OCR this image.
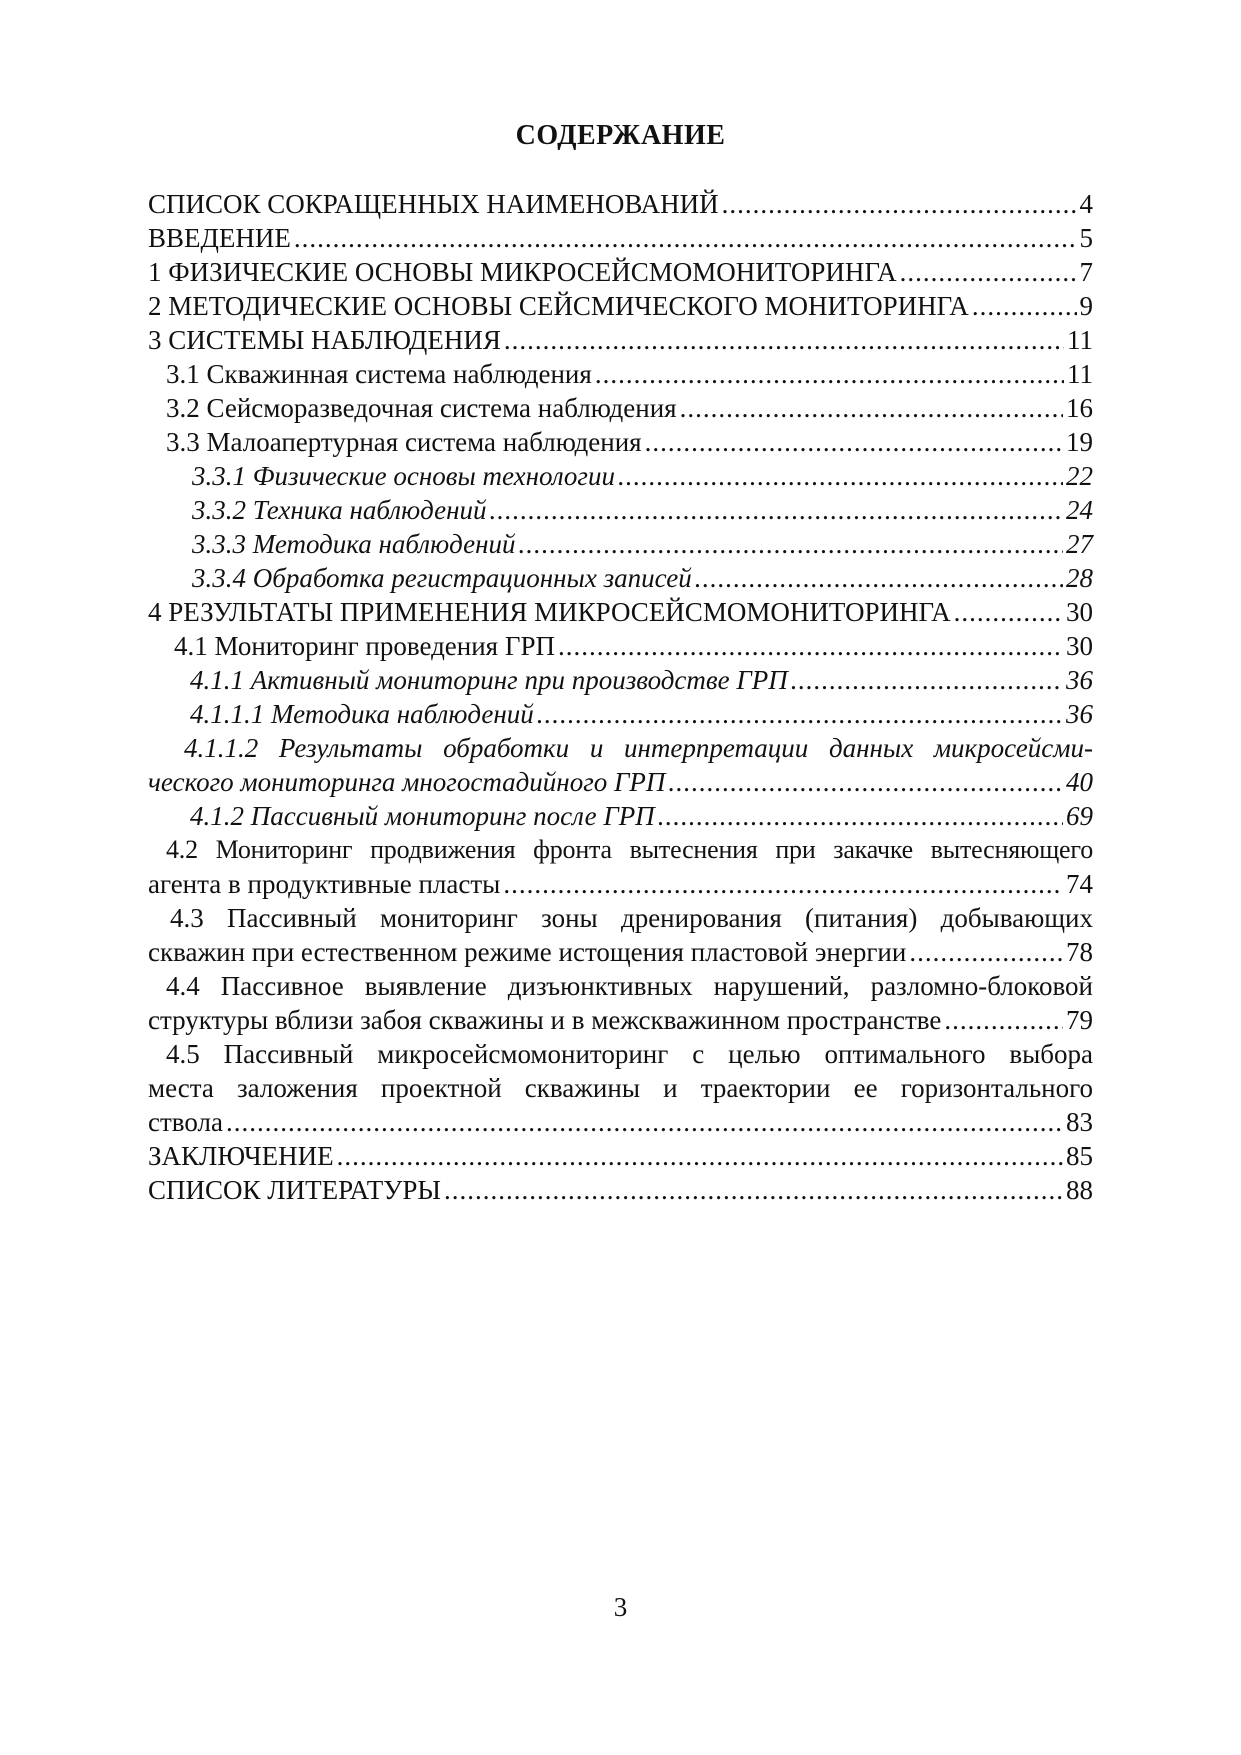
СОДЕРЖАНИЕ
СПИСОК СОКРАЩЕННЫХ НАИМЕНОВАНИЙ .....	4
ВВЕДЕНИЕ .....	5
1 ФИЗИЧЕСКИЕ ОСНОВЫ МИКРОСЕЙСМОМОНИТОРИНГА .....	7
2 МЕТОДИЧЕСКИЕ ОСНОВЫ СЕЙСМИЧЕСКОГО МОНИТОРИНГА .....	9
3 СИСТЕМЫ НАБЛЮДЕНИЯ .....	11
3.1 Скважинная система наблюдения .....	11
3.2 Сейсморазведочная система наблюдения .....	16
3.3 Малоапертурная система наблюдения .....	19
3.3.1 Физические основы технологии .....	22
3.3.2 Техника наблюдений .....	24
3.3.3 Методика наблюдений .....	27
3.3.4 Обработка регистрационных записей .....	28
4 РЕЗУЛЬТАТЫ ПРИМЕНЕНИЯ МИКРОСЕЙСМОМОНИТОРИНГА .....	30
4.1 Мониторинг проведения ГРП .....	30
4.1.1 Активный мониторинг при производстве ГРП .....	36
4.1.1.1 Методика наблюдений .....	36
4.1.1.2 Результаты обработки и интерпретации данных микросейсми-
ческого мониторинга многостадийного ГРП .....	40
4.1.2 Пассивный мониторинг после ГРП .....	69
4.2 Мониторинг продвижения фронта вытеснения при закачке вытесняющего
агента в продуктивные пласты .....	74
4.3 Пассивный мониторинг зоны дренирования (питания) добывающих
скважин при естественном режиме истощения пластовой энергии .....	78
4.4 Пассивное выявление дизъюнктивных нарушений, разломно-блоковой
структуры вблизи забоя скважины и в межскважинном пространстве .....	79
4.5 Пассивный микросейсмомониторинг с целью оптимального выбора
места заложения проектной скважины и траектории ее горизонтального
ствола .....	83
ЗАКЛЮЧЕНИЕ .....	85
СПИСОК ЛИТЕРАТУРЫ .....	88
3
